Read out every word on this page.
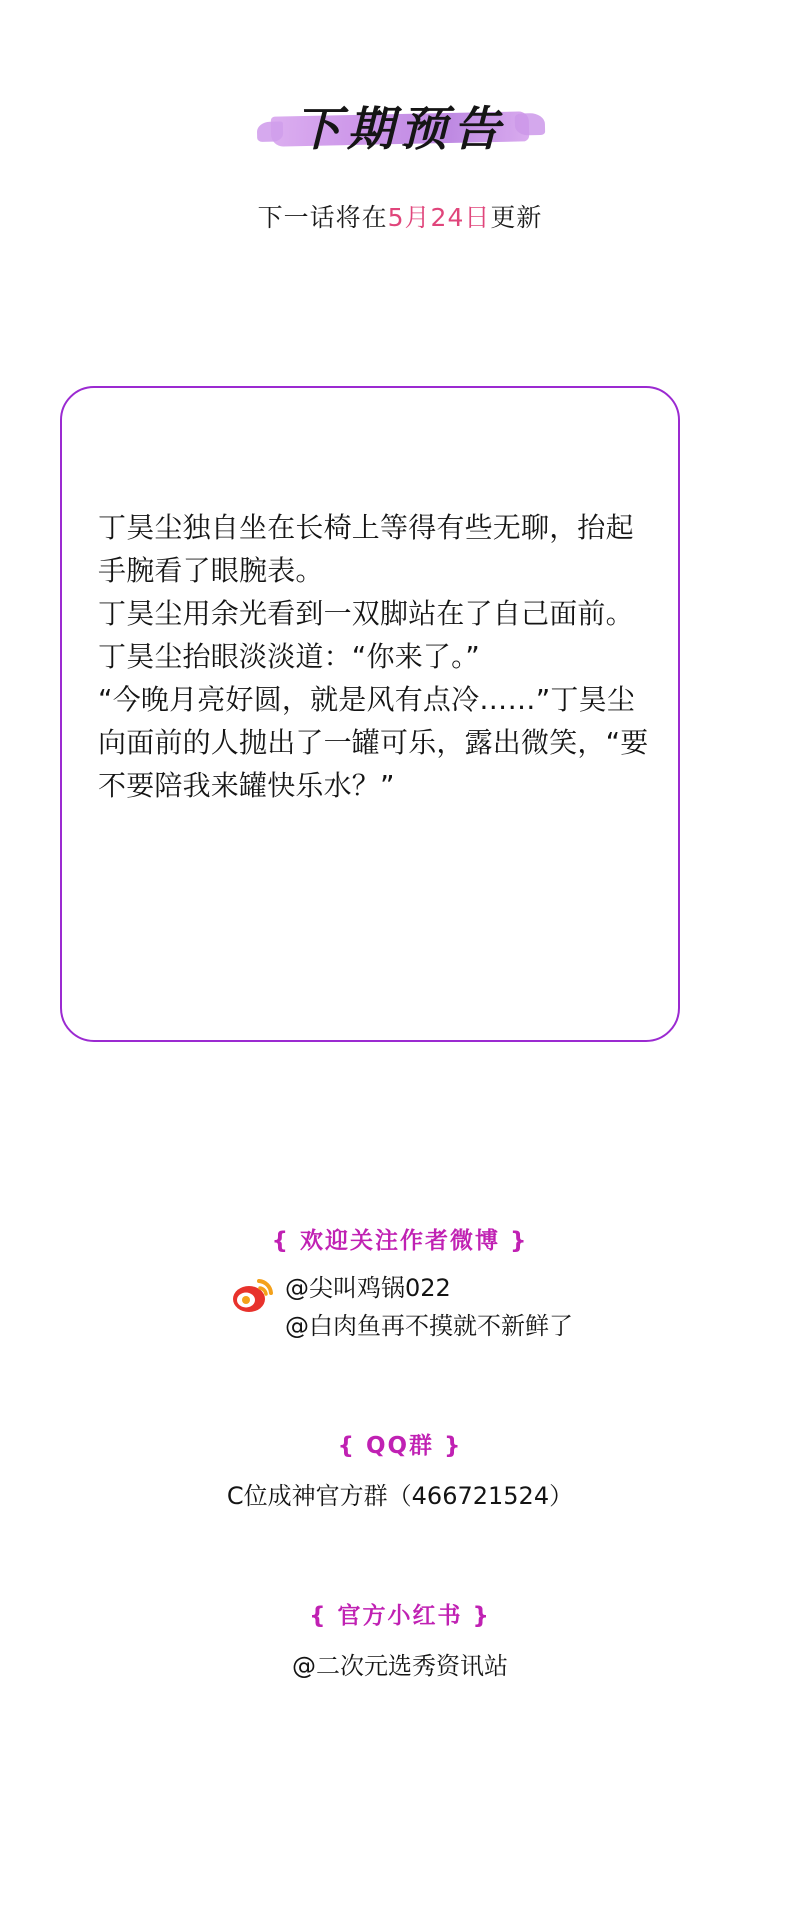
下期预告
下一话将在5月24日更新

丁昊尘独自坐在长椅上等得有些无聊，抬起手腕看了眼腕表。

丁昊尘用余光看到一双脚站在了自己面前。

丁昊尘抬眼淡淡道：“你来了。”

“今晚月亮好圆，就是风有点冷……”丁昊尘向面前的人抛出了一罐可乐，露出微笑，“要不要陪我来罐快乐水？”

{ 欢迎关注作者微博 }
@尖叫鸡锅022
@白肉鱼再不摸就不新鲜了
{ QQ群 }
C位成神官方群（466721524）
{ 官方小红书 }
@二次元选秀资讯站
